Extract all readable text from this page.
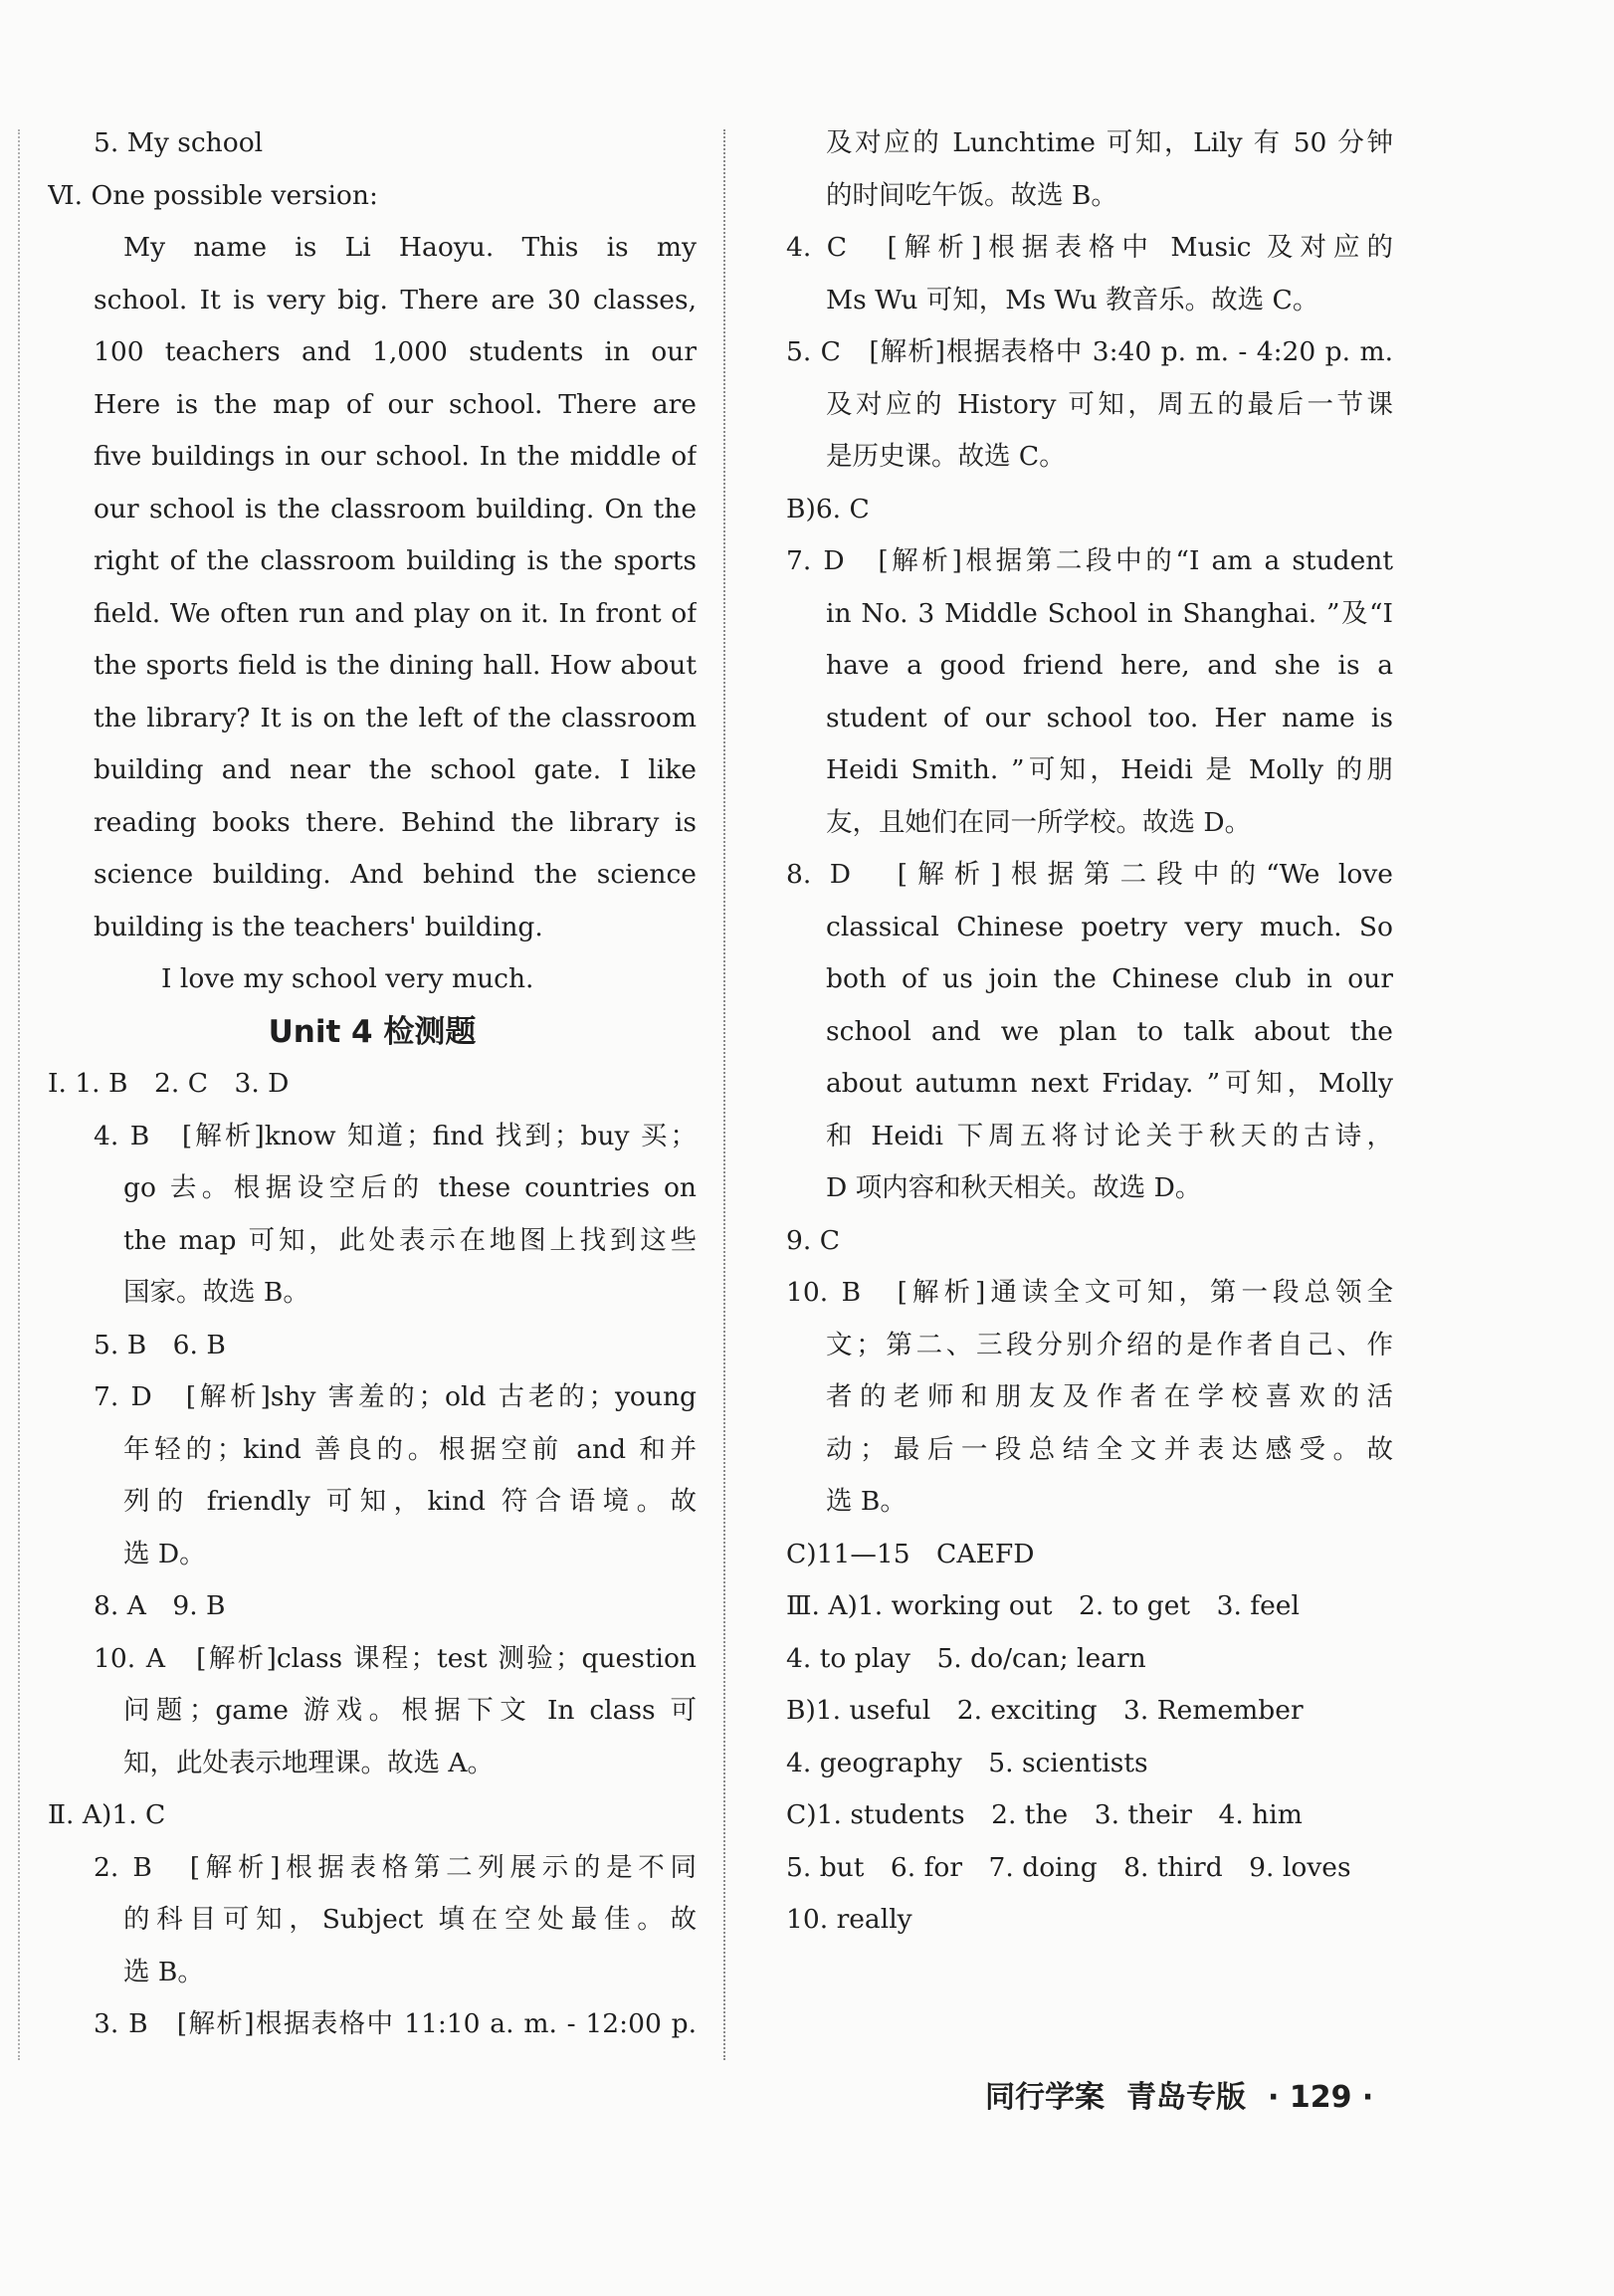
5. My school
Ⅵ. One possible version:
My name is Li Haoyu. This is my
school. It is very big. There are 30 classes,
100 teachers and 1,000 students in our
Here is the map of our school. There are
five buildings in our school. In the middle of
our school is the classroom building. On the
right of the classroom building is the sports
field. We often run and play on it. In front of
the sports field is the dining hall. How about
the library? It is on the left of the classroom
building and near the school gate. I like
reading books there. Behind the library is
science building. And behind the science
building is the teachers' building.
I love my school very much.
Unit 4 检测题
Ⅰ. 1. B　2. C　3. D
4. B　[解析]know 知道；find 找到；buy 买；
go 去。根据设空后的 these countries on
the map 可知，此处表示在地图上找到这些
国家。故选 B。
5. B　6. B
7. D　[解析]shy 害羞的；old 古老的；young
年轻的；kind 善良的。根据空前 and 和并
列的 friendly 可知，kind 符合语境。故
选 D。
8. A　9. B
10. A　[解析]class 课程；test 测验；question
问题；game 游戏。根据下文 In class 可
知，此处表示地理课。故选 A。
Ⅱ. A)1. C
2. B　[解析]根据表格第二列展示的是不同
的科目可知，Subject 填在空处最佳。故
选 B。
3. B　[解析]根据表格中 11:10 a. m. - 12:00 p.
及对应的 Lunchtime 可知，Lily 有 50 分钟
的时间吃午饭。故选 B。
4. C　[解析]根据表格中 Music 及对应的
Ms Wu 可知，Ms Wu 教音乐。故选 C。
5. C　[解析]根据表格中 3:40 p. m. - 4:20 p. m.
及对应的 History 可知，周五的最后一节课
是历史课。故选 C。
B)6. C
7. D　[解析]根据第二段中的“I am a student
in No. 3 Middle School in Shanghai. ”及“I
have a good friend here, and she is a
student of our school too. Her name is
Heidi Smith. ”可知，Heidi 是 Molly 的朋
友，且她们在同一所学校。故选 D。
8. D　[解析]根据第二段中的“We love
classical Chinese poetry very much. So
both of us join the Chinese club in our
school and we plan to talk about the
about autumn next Friday. ”可知，Molly
和 Heidi 下周五将讨论关于秋天的古诗，
D 项内容和秋天相关。故选 D。
9. C
10. B　[解析]通读全文可知，第一段总领全
文；第二、三段分别介绍的是作者自己、作
者的老师和朋友及作者在学校喜欢的活
动；最后一段总结全文并表达感受。故
选 B。
C)11—15　CAEFD
Ⅲ. A)1. working out　2. to get　3. feel
4. to play　5. do/can; learn
B)1. useful　2. exciting　3. Remember
4. geography　5. scientists
C)1. students　2. the　3. their　4. him
5. but　6. for　7. doing　8. third　9. loves
10. really
同行学案 青岛专版 · 129 ·
